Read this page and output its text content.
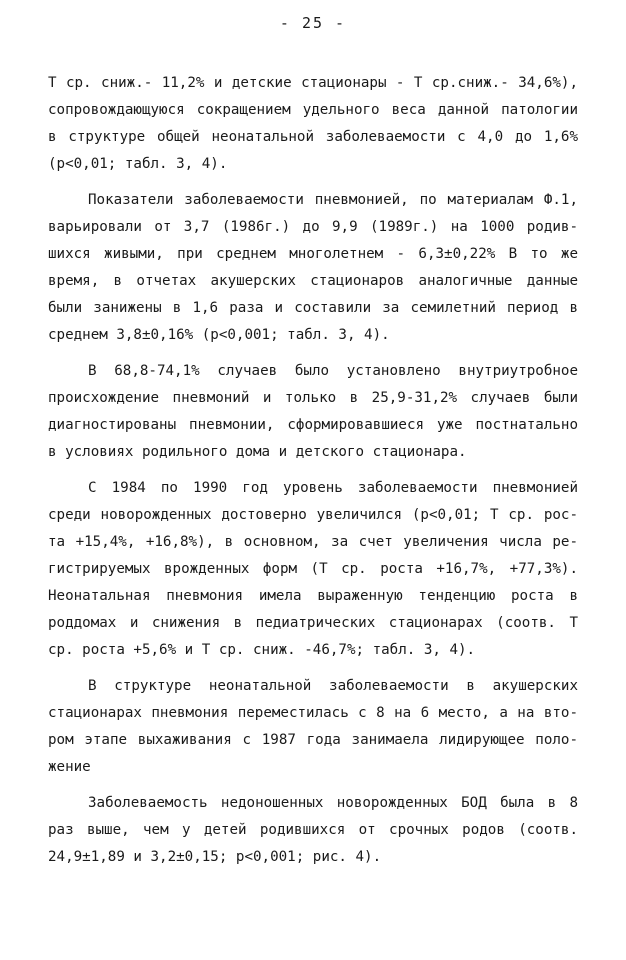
- 25 -
Т ср. сниж.- 11,2% и детские стационары - Т ср.сниж.- 34,6%),
сопровождающуюся сокращением удельного веса данной патологии
в структуре общей неонатальной заболеваемости с 4,0 до 1,6%
(р<0,01; табл. 3, 4).
Показатели заболеваемости пневмонией, по материалам Ф.1,
варьировали от 3,7 (1986г.) до 9,9 (1989г.) на 1000 родив-
шихся живыми, при среднем многолетнем - 6,3±0,22% В то же
время, в отчетах акушерских стационаров аналогичные данные
были занижены в 1,6 раза и составили за семилетний период в
среднем 3,8±0,16% (р<0,001; табл. 3, 4).
В 68,8-74,1% случаев было установлено внутриутробное
происхождение пневмоний и только в 25,9-31,2% случаев были
диагностированы пневмонии, сформировавшиеся уже постнатально
в условиях родильного дома и детского стационара.
С 1984 по 1990 год уровень заболеваемости пневмонией
среди новорожденных достоверно увеличился (р<0,01; Т ср. рос-
та +15,4%, +16,8%), в основном, за счет увеличения числа ре-
гистрируемых врожденных форм (Т ср. роста +16,7%, +77,3%).
Неонатальная пневмония имела выраженную тенденцию роста в
роддомах и снижения в педиатрических стационарах (соотв. Т
ср. роста +5,6% и Т ср. сниж. -46,7%; табл. 3, 4).
В структуре неонатальной заболеваемости в акушерских
стационарах пневмония переместилась с 8 на 6 место, а на вто-
ром этапе выхаживания с 1987 года занимаела лидирующее поло-
жение
Заболеваемость недоношенных новорожденных БОД была в 8
раз выше, чем у детей родившихся от срочных родов (соотв.
24,9±1,89 и 3,2±0,15; р<0,001; рис. 4).
